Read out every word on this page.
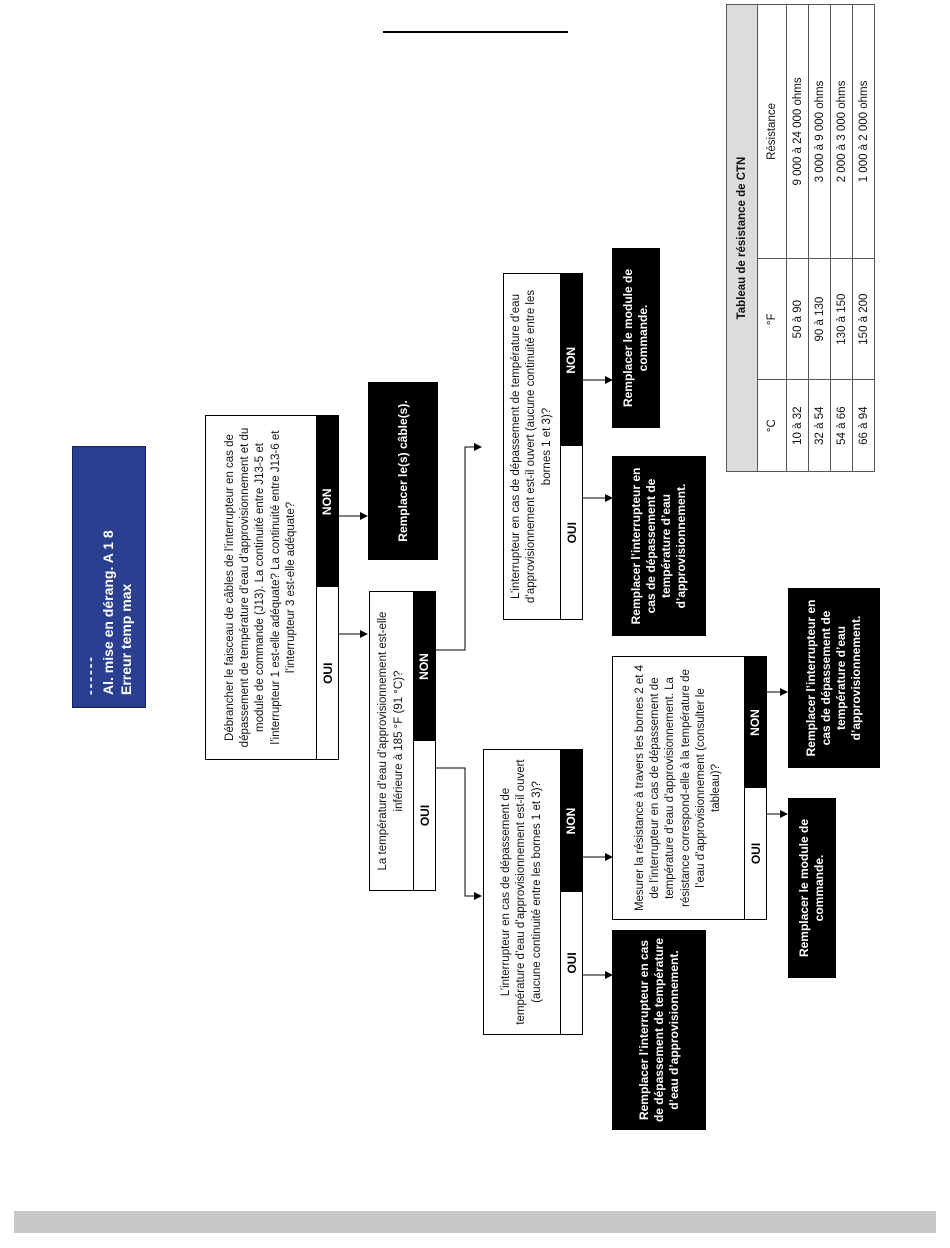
------ Al. mise en dérang. A 1 8 Erreur temp max	Débrancher le faisceau de câbles de l’interrupteur en cas de dépassement de température d’eau d’approvisionnement et du module de commande (J13). La continuité entre J13-5 et l’interrupteur 1 est-elle adéquate? La continuité entre J13-6 et l’interrupteur 3 est-elle adéquate?
OUI
NON	Remplacer le(s) câble(s).
La température d’eau d’approvisionnement est-elle inférieure à 185 °F (91 °C)?
OUI
NON
L’interrupteur en cas de dépassement de température d’eau d’approvisionnement est-il ouvert (aucune continuité entre les bornes 1 et 3)?
OUI
NON
L’interrupteur en cas de dépassement de température d’eau d’approvisionnement est-il ouvert (aucune continuité entre les bornes 1 et 3)?	OUI
NON
Remplacer le module de commande.
Remplacer l’interrupteur en cas de dépassement de température d’eau d’approvisionnement.
Remplacer l’interrupteur en cas de dépassement de température d’eau d’approvisionnement.
Mesurer la résistance à travers les bornes 2 et 4 de l’interrupteur en cas de dépassement de température d’eau d’approvisionnement. La résistance correspond-elle à la température de l’eau d’approvisionnement (consulter le tableau)?
OUI
NON	Remplacer l’interrupteur en cas de dépassement de température d’eau d’approvisionnement.
Remplacer le module de commande.
Tableau de résistance de CTN		
°C	°F	Résistance
10 à 32	50 à 90	9 000 à 24 000 ohms
32 à 54	90 à 130	3 000 à 9 000 ohms
54 à 66	130 à 150	2 000 à 3 000 ohms
66 à 94	150 à 200	1 000 à 2 000 ohms
